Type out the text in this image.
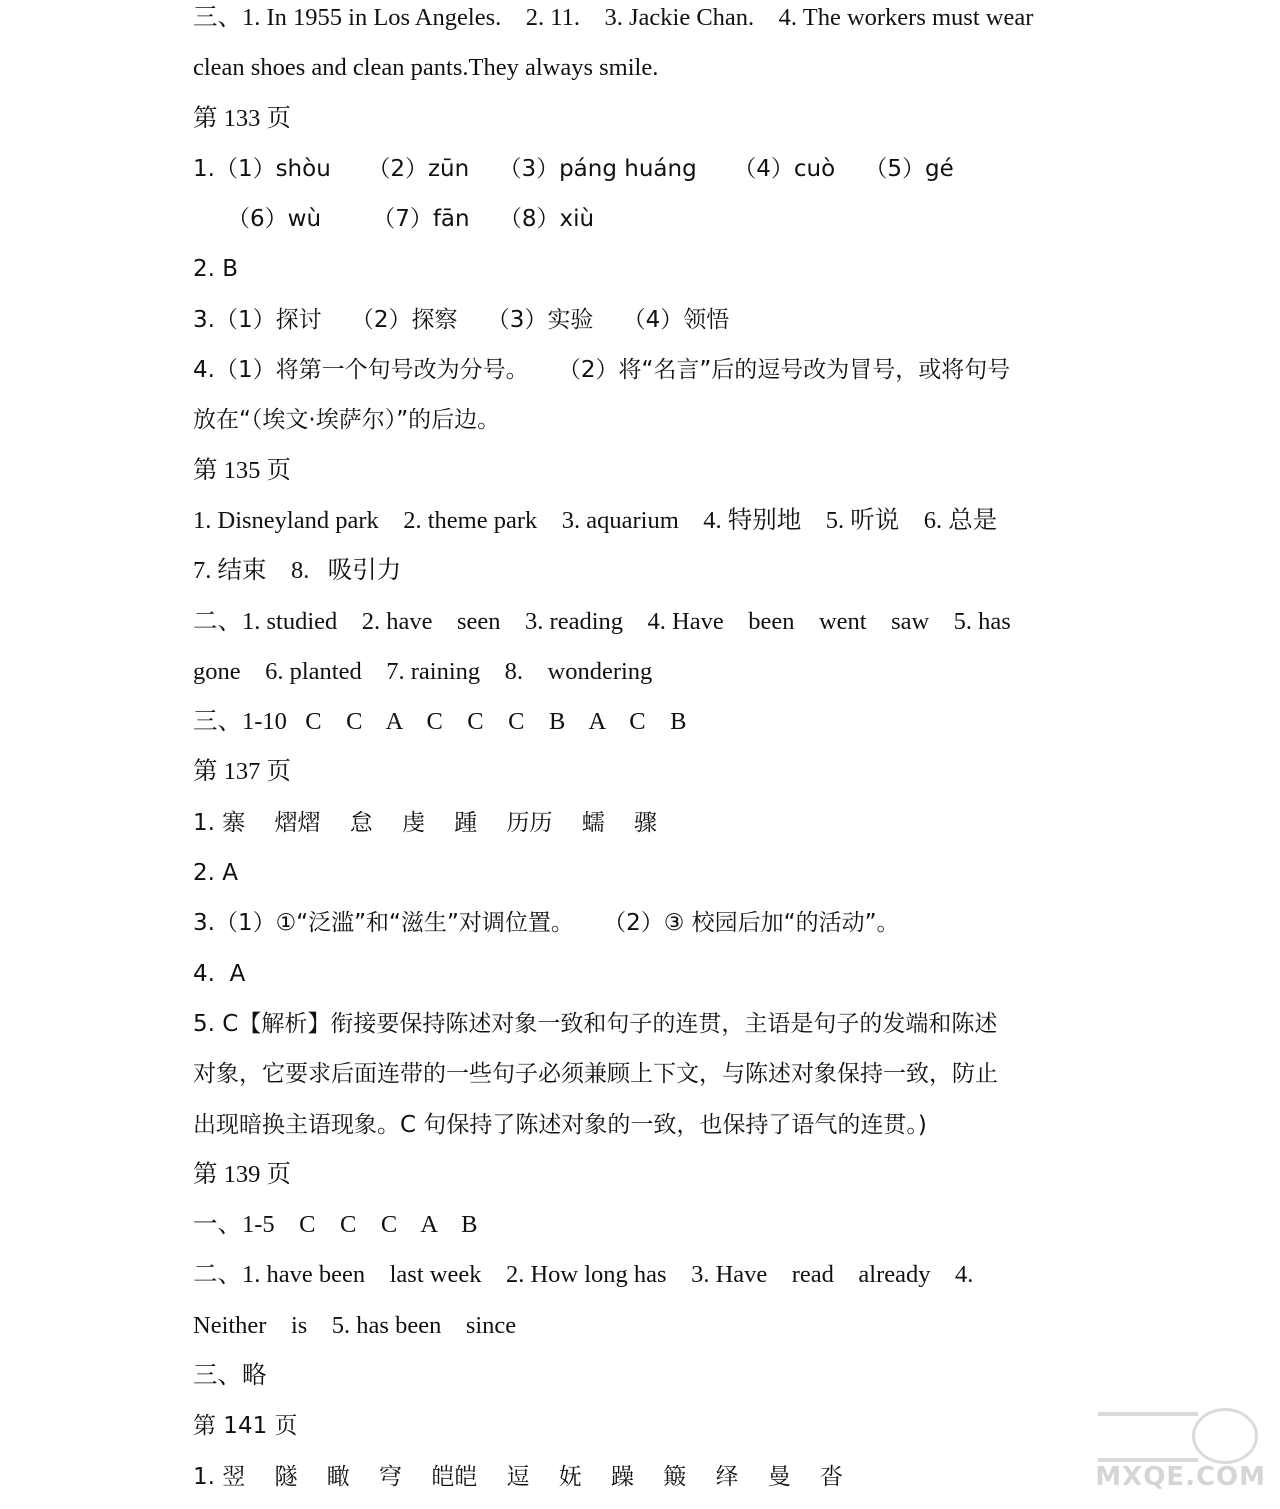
三、1. In 1955 in Los Angeles.    2. 11.    3. Jackie Chan.    4. The workers must wear
clean shoes and clean pants.They always smile.
第 133 页
1.（1）shòu     （2）zūn    （3）páng huáng     （4）cuò    （5）gé
（6）wù       （7）fān    （8）xiù
2. B
3.（1）探讨    （2）探察    （3）实验    （4）领悟
4.（1）将第一个句号改为分号。    （2）将“名言”后的逗号改为冒号，或将句号
放在“（埃文·埃萨尔）”的后边。
第 135 页
1. Disneyland park    2. theme park    3. aquarium    4. 特别地    5. 听说    6. 总是
7. 结束    8.   吸引力
二、1. studied    2. have    seen    3. reading    4. Have    been    went    saw    5. has
gone    6. planted    7. raining    8.    wondering
三、1-10   C    C    A    C    C    C    B    A    C    B
第 137 页
1. 寨    熠熠    怠    虔    踵    历历    蠕    骤
2. A
3.（1）①“泛滥”和“滋生”对调位置。    （2）③ 校园后加“的活动”。
4.  A
5. C【解析】衔接要保持陈述对象一致和句子的连贯，主语是句子的发端和陈述
对象，它要求后面连带的一些句子必须兼顾上下文，与陈述对象保持一致，防止
出现暗换主语现象。C 句保持了陈述对象的一致，也保持了语气的连贯。)
第 139 页
一、1-5    C    C    C    A    B
二、1. have been    last week    2. How long has    3. Have    read    already    4.
Neither    is    5. has been    since
三、略
第 141 页
1. 翌    隧    瞰    穹    皑皑    逗    妩    躁    簸    绎    曼    沓	MXQE.COM
